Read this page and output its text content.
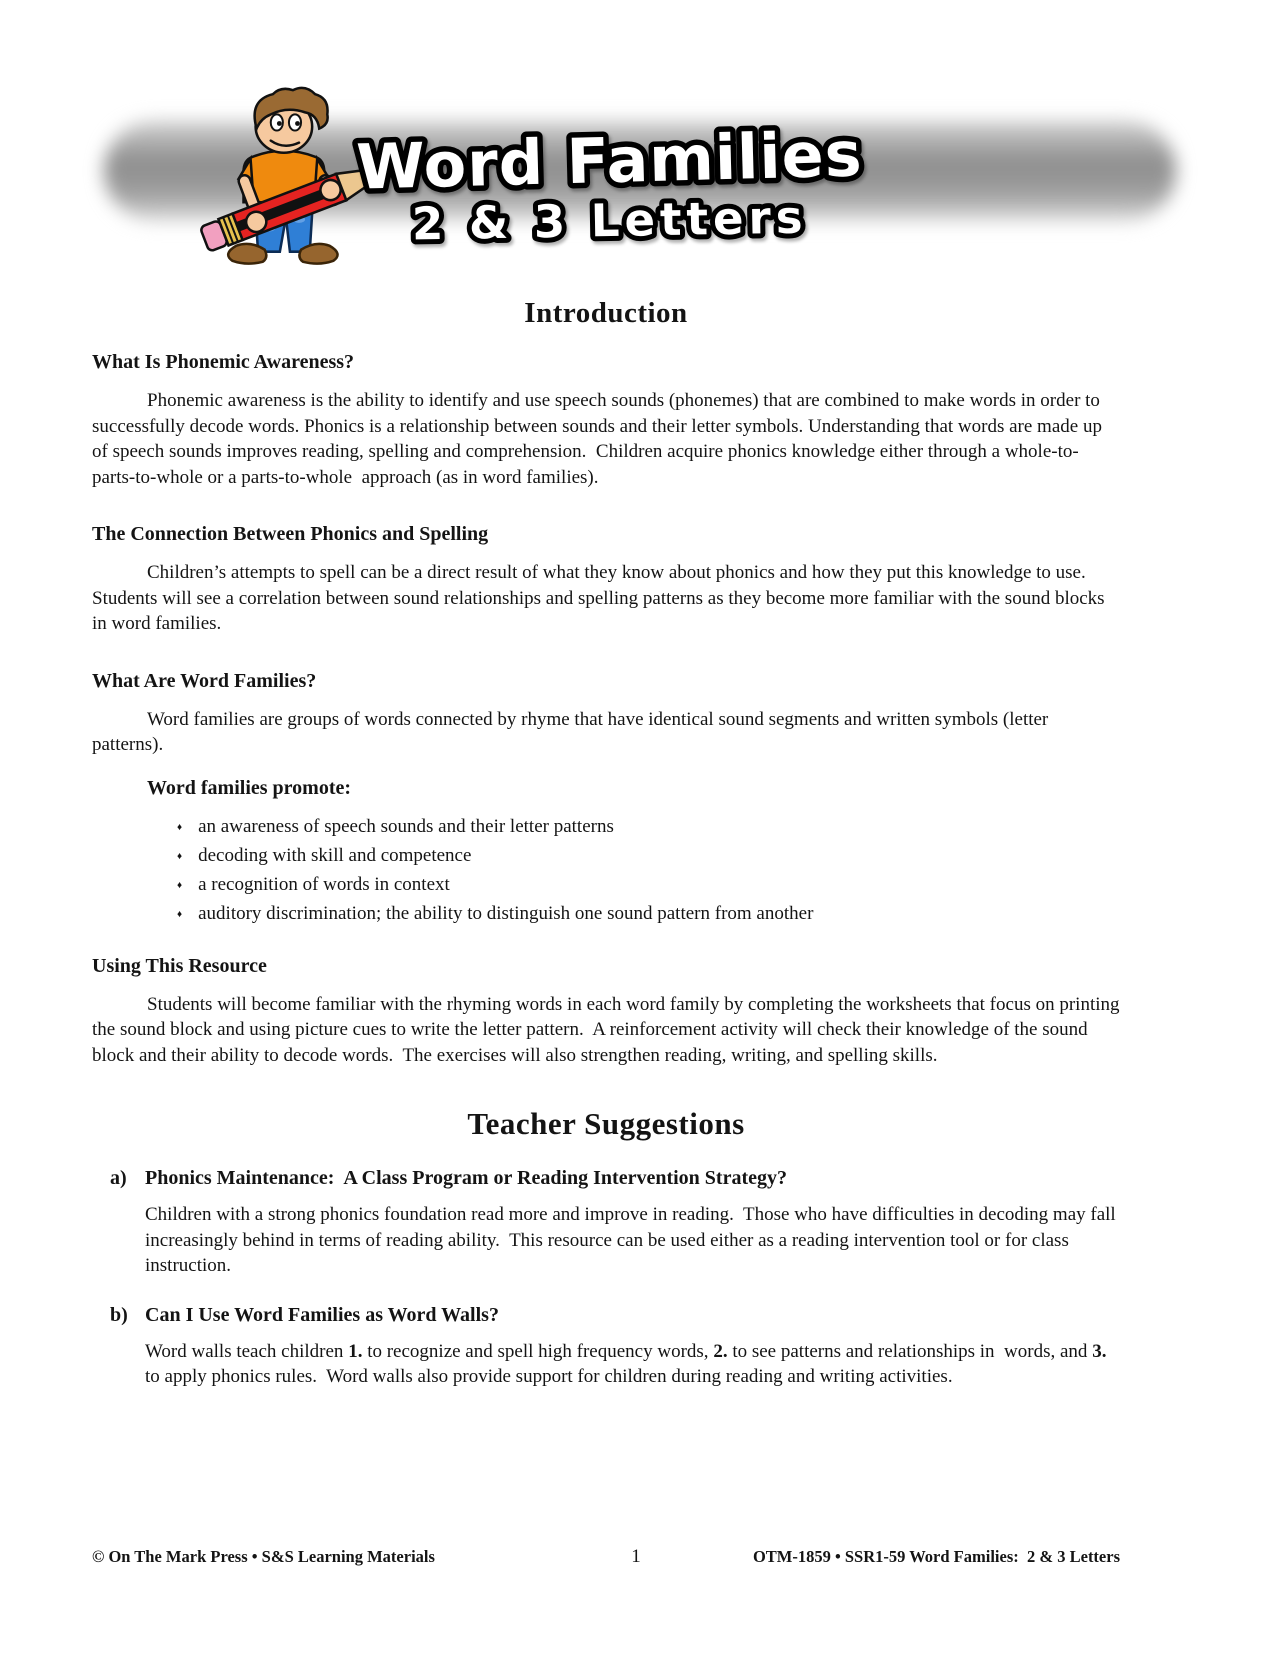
Word Families
2 & 3 Letters
Introduction
What Is Phonemic Awareness?

Phonemic awareness is the ability to identify and use speech sounds (phonemes) that are combined to make words in order to successfully decode words. Phonics is a relationship between sounds and their letter symbols. Understanding that words are made up of speech sounds improves reading, spelling and comprehension.  Children acquire phonics knowledge either through a whole-to-parts-to-whole or a parts-to-whole  approach (as in word families).

The Connection Between Phonics and Spelling

Children’s attempts to spell can be a direct result of what they know about phonics and how they put this knowledge to use.  Students will see a correlation between sound relationships and spelling patterns as they become more familiar with the sound blocks in word families.

What Are Word Families?

Word families are groups of words connected by rhyme that have identical sound segments and written symbols (letter patterns).

Word families promote:

♦ an awareness of speech sounds and their letter patterns
♦ decoding with skill and competence
♦ a recognition of words in context
♦ auditory discrimination; the ability to distinguish one sound pattern from another
Using This Resource

Students will become familiar with the rhyming words in each word family by completing the worksheets that focus on printing the sound block and using picture cues to write the letter pattern.  A reinforcement activity will check their knowledge of the sound block and their ability to decode words.  The exercises will also strengthen reading, writing, and spelling skills.

Teacher Suggestions
a) Phonics Maintenance:  A Class Program or Reading Intervention Strategy?

Children with a strong phonics foundation read more and improve in reading.  Those who have difficulties in decoding may fall increasingly behind in terms of reading ability.  This resource can be used either as a reading intervention tool or for class instruction.

b) Can I Use Word Families as Word Walls?

Word walls teach children 1. to recognize and spell high frequency words, 2. to see patterns and relationships in  words, and 3. to apply phonics rules.  Word walls also provide support for children during reading and writing activities.

© On The Mark Press • S&S Learning Materials	1	OTM-1859 • SSR1-59 Word Families:  2 & 3 Letters
